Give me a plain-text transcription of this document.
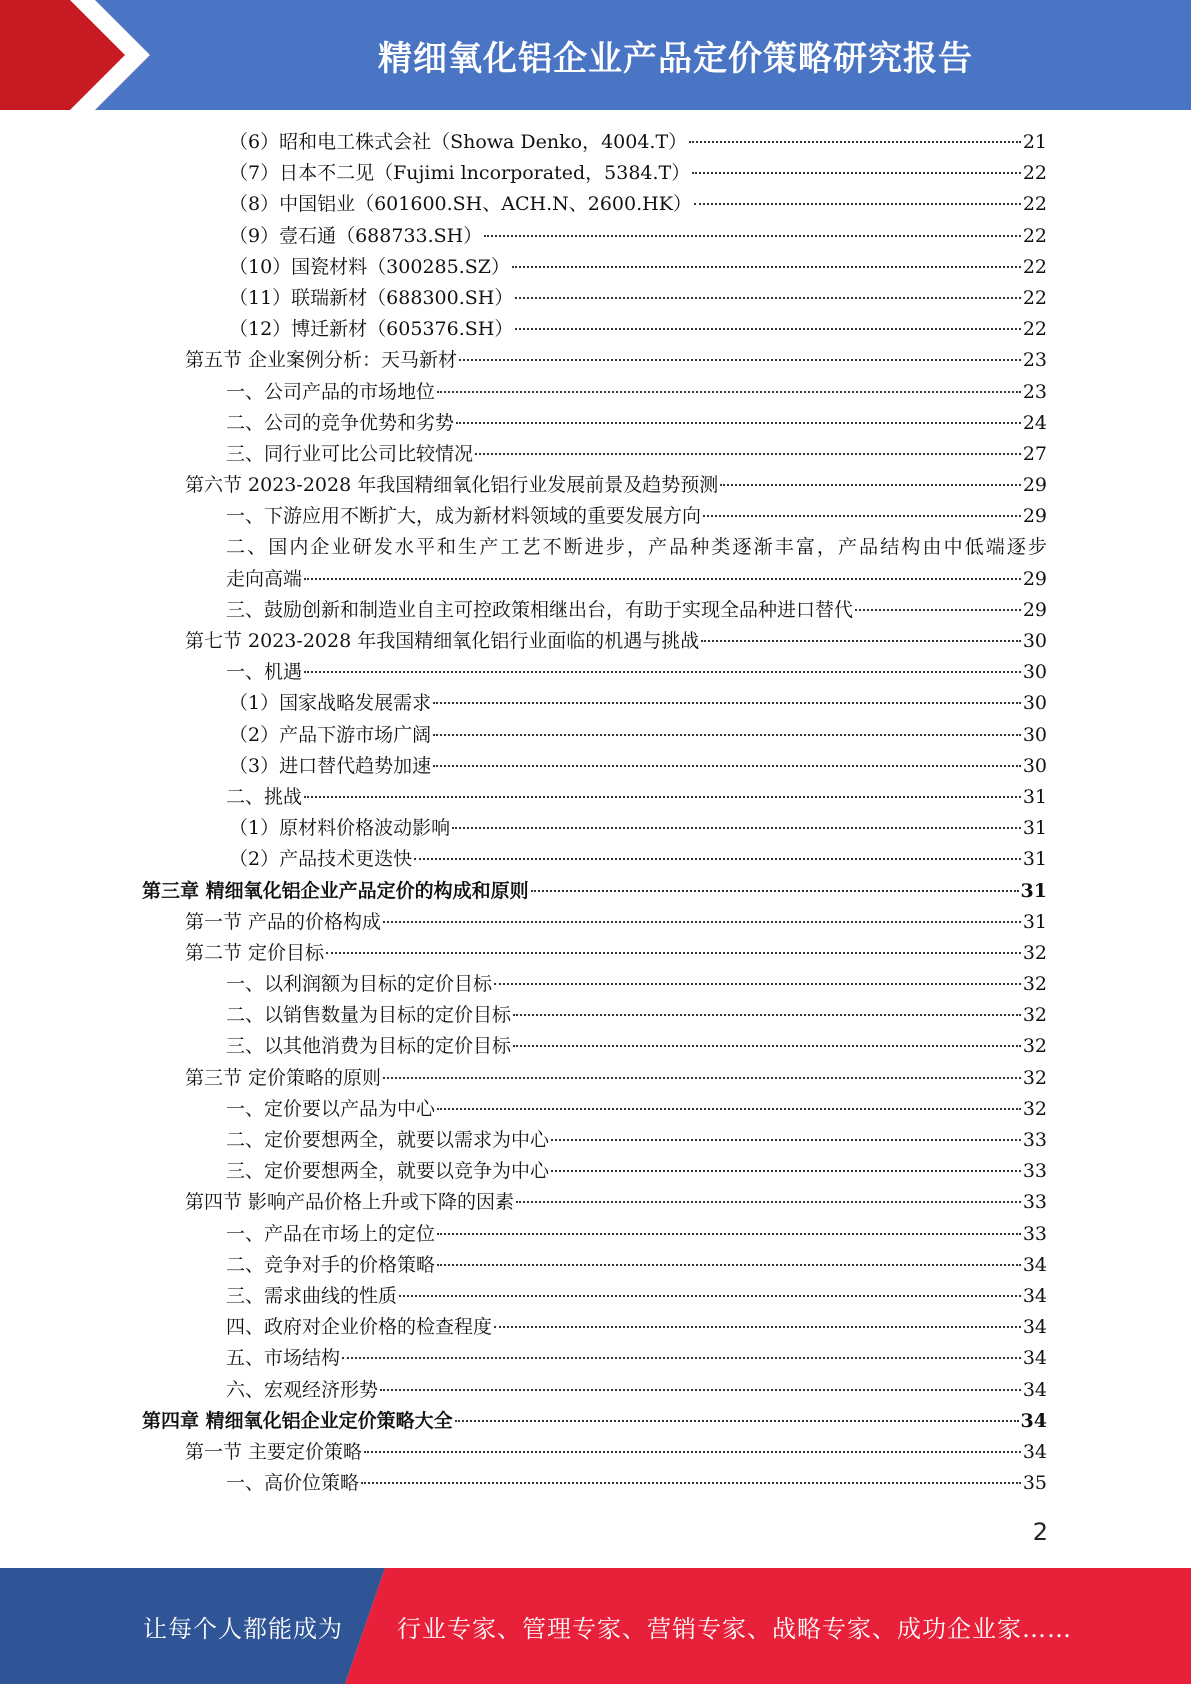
精细氧化铝企业产品定价策略研究报告
（6）昭和电工株式会社（Showa Denko，4004.T）	21
（7）日本不二见（Fujimi lncorporated，5384.T）	22
（8）中国铝业（601600.SH、ACH.N、2600.HK）	22
（9）壹石通（688733.SH）	22
（10）国瓷材料（300285.SZ）	22
（11）联瑞新材（688300.SH）	22
（12）博迁新材（605376.SH）	22
第五节 企业案例分析：天马新材	23
一、公司产品的市场地位	23
二、公司的竞争优势和劣势	24
三、同行业可比公司比较情况	27
第六节 2023-2028 年我国精细氧化铝行业发展前景及趋势预测	29
一、下游应用不断扩大，成为新材料领域的重要发展方向	29
二、国内企业研发水平和生产工艺不断进步，产品种类逐渐丰富，产品结构由中低端逐步
走向高端	29
三、鼓励创新和制造业自主可控政策相继出台，有助于实现全品种进口替代	29
第七节 2023-2028 年我国精细氧化铝行业面临的机遇与挑战	30
一、机遇	30
（1）国家战略发展需求	30
（2）产品下游市场广阔	30
（3）进口替代趋势加速	30
二、挑战	31
（1）原材料价格波动影响	31
（2）产品技术更迭快	31
第三章 精细氧化铝企业产品定价的构成和原则	31
第一节 产品的价格构成	31
第二节 定价目标	32
一、以利润额为目标的定价目标	32
二、以销售数量为目标的定价目标	32
三、以其他消费为目标的定价目标	32
第三节 定价策略的原则	32
一、定价要以产品为中心	32
二、定价要想两全，就要以需求为中心	33
三、定价要想两全，就要以竞争为中心	33
第四节 影响产品价格上升或下降的因素	33
一、产品在市场上的定位	33
二、竞争对手的价格策略	34
三、需求曲线的性质	34
四、政府对企业价格的检查程度	34
五、市场结构	34
六、宏观经济形势	34
第四章 精细氧化铝企业定价策略大全	34
第一节 主要定价策略	34
一、高价位策略	35
2
让每个人都能成为 行业专家、管理专家、营销专家、战略专家、成功企业家……
